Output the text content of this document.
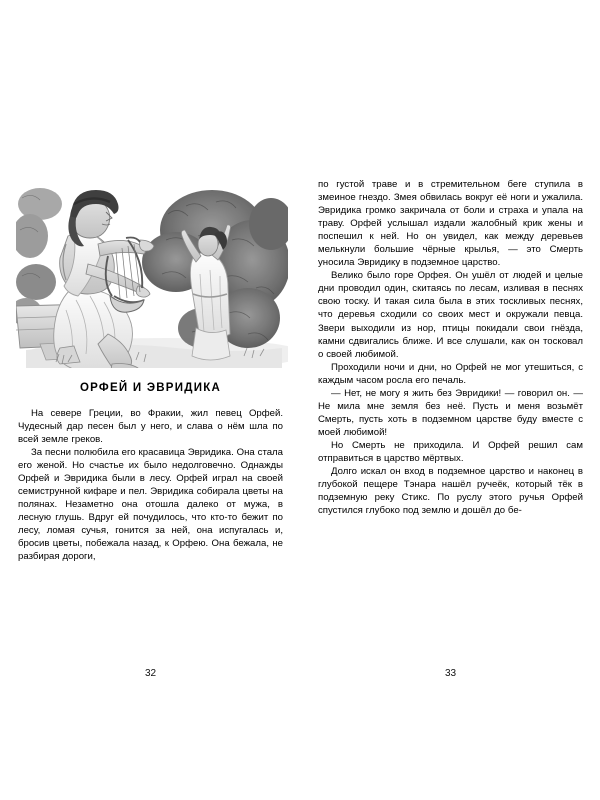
ОРФЕЙ И ЭВРИДИКА

На севере Греции, во Фракии, жил певец Орфей. Чудесный дар песен был у него, и слава о нём шла по всей земле греков.

За песни полюбила его красавица Эвридика. Она стала его женой. Но счастье их было недолговечно. Однажды Орфей и Эвридика были в лесу. Орфей играл на своей семиструнной кифаре и пел. Эвридика собирала цветы на полянах. Незаметно она отошла далеко от мужа, в лесную глушь. Вдруг ей почудилось, что кто-то бежит по лесу, ломая сучья, гонится за ней, она испугалась и, бросив цветы, побежала назад, к Орфею. Она бежала, не разбирая дороги,

по густой траве и в стремительном беге ступила в змеиное гнездо. Змея обвилась вокруг её ноги и ужалила. Эвридика громко закричала от боли и страха и упала на траву. Орфей услышал издали жалобный крик жены и поспешил к ней. Но он увидел, как между деревьев мелькнули большие чёрные крылья, — это Смерть уносила Эвридику в подземное царство.

Велико было горе Орфея. Он ушёл от людей и целые дни проводил один, скитаясь по лесам, изливая в песнях свою тоску. И такая сила была в этих тоскливых песнях, что деревья сходили со своих мест и окружали певца. Звери выходили из нор, птицы покидали свои гнёзда, камни сдвигались ближе. И все слушали, как он тосковал о своей любимой.

Проходили ночи и дни, но Орфей не мог утешиться, с каждым часом росла его печаль.

— Нет, не могу я жить без Эвридики! — говорил он. — Не мила мне земля без неё. Пусть и меня возьмёт Смерть, пусть хоть в подземном царстве буду вместе с моей любимой!

Но Смерть не приходила. И Орфей решил сам отправиться в царство мёртвых.

Долго искал он вход в подземное царство и наконец в глубокой пещере Тэнара нашёл ручеёк, который тёк в подземную реку Стикс. По руслу этого ручья Орфей спустился глубоко под землю и дошёл до бе-

32	33
